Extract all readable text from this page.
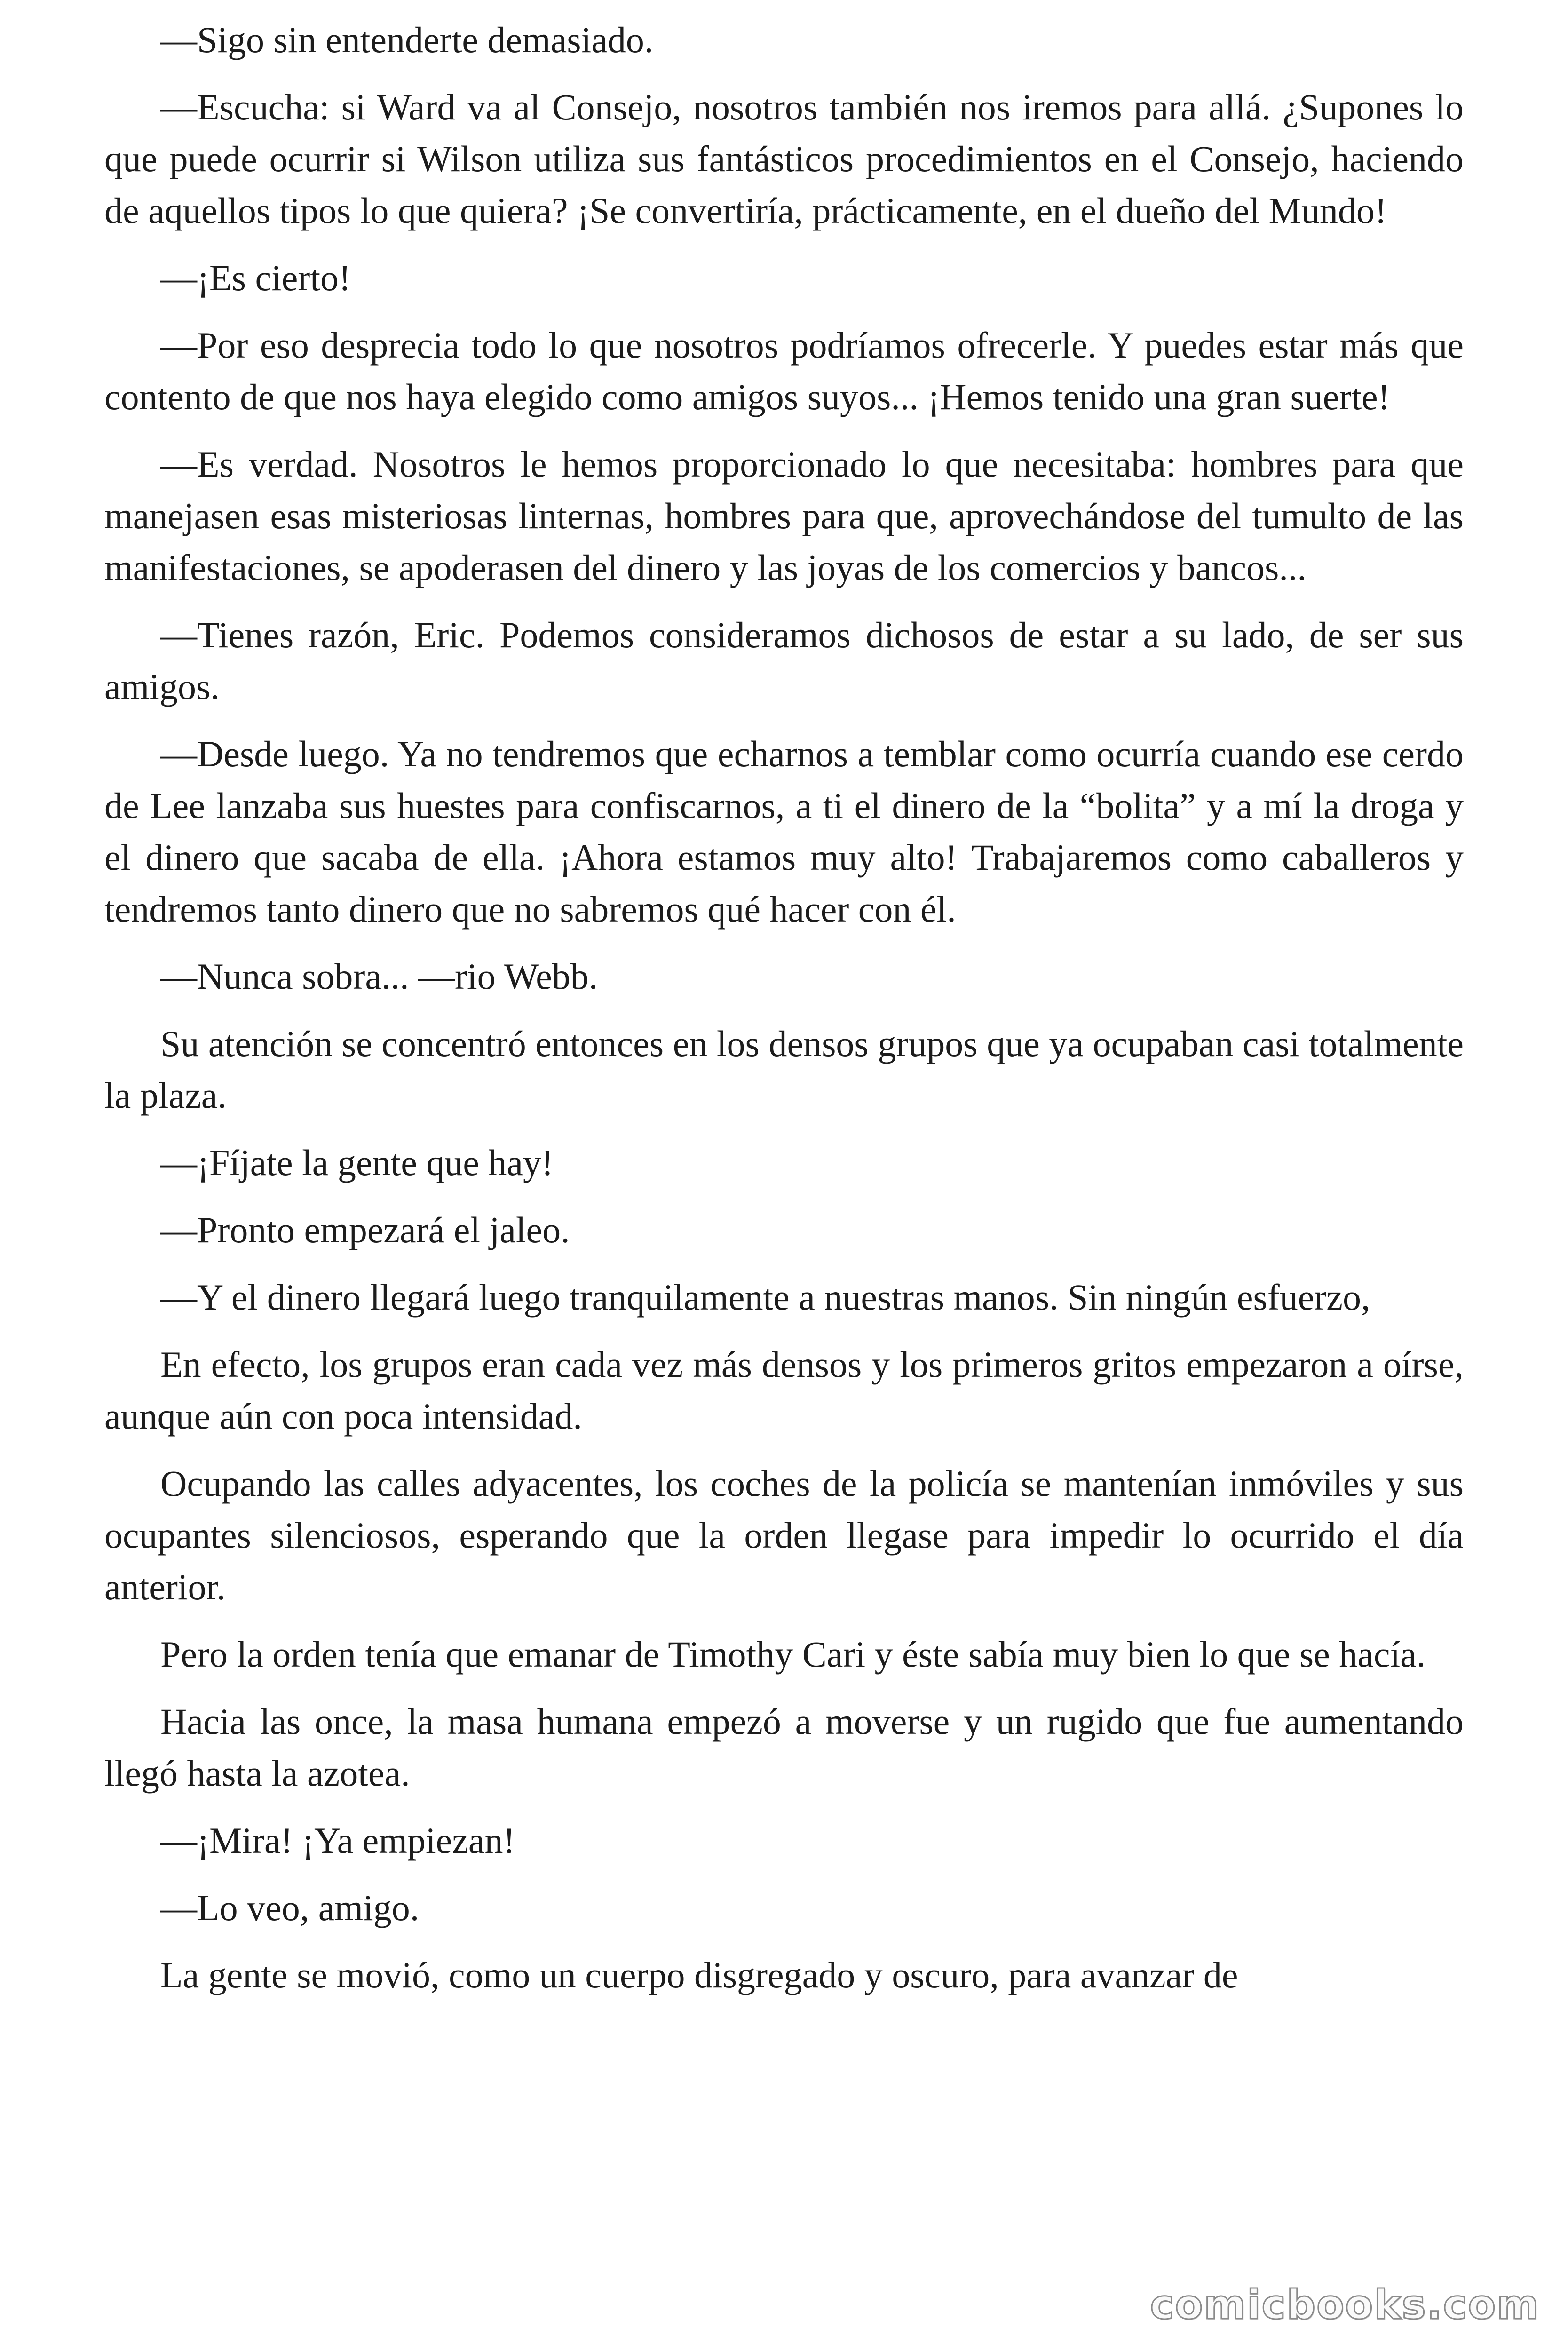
—Sigo sin entenderte demasiado.

—Escucha: si Ward va al Consejo, nosotros también nos iremos para allá. ¿Supones lo que puede ocurrir si Wilson utiliza sus fantásticos procedimientos en el Consejo, haciendo de aquellos tipos lo que quiera? ¡Se convertiría, prácticamente, en el dueño del Mundo!

—¡Es cierto!

—Por eso desprecia todo lo que nosotros podríamos ofrecerle. Y puedes estar más que contento de que nos haya elegido como amigos suyos... ¡Hemos tenido una gran suerte!

—Es verdad. Nosotros le hemos proporcionado lo que necesitaba: hombres para que manejasen esas misteriosas linternas, hombres para que, aprovechándose del tumulto de las manifestaciones, se apoderasen del dinero y las joyas de los comercios y bancos...

—Tienes razón, Eric. Podemos consideramos dichosos de estar a su lado, de ser sus amigos.

—Desde luego. Ya no tendremos que echarnos a temblar como ocurría cuando ese cerdo de Lee lanzaba sus huestes para confiscarnos, a ti el dinero de la “bolita” y a mí la droga y el dinero que sacaba de ella. ¡Ahora estamos muy alto! Trabajaremos como caballeros y tendremos tanto dinero que no sabremos qué hacer con él.

—Nunca sobra... —rio Webb.

Su atención se concentró entonces en los densos grupos que ya ocupaban casi totalmente la plaza.

—¡Fíjate la gente que hay!

—Pronto empezará el jaleo.

—Y el dinero llegará luego tranquilamente a nuestras manos. Sin ningún esfuerzo,

En efecto, los grupos eran cada vez más densos y los primeros gritos empezaron a oírse, aunque aún con poca intensidad.

Ocupando las calles adyacentes, los coches de la policía se mantenían inmóviles y sus ocupantes silenciosos, esperando que la orden llegase para impedir lo ocurrido el día anterior.

Pero la orden tenía que emanar de Timothy Cari y éste sabía muy bien lo que se hacía.

Hacia las once, la masa humana empezó a moverse y un rugido que fue aumentando llegó hasta la azotea.

—¡Mira! ¡Ya empiezan!

—Lo veo, amigo.

La gente se movió, como un cuerpo disgregado y oscuro, para avanzar de

comicbooks.com
